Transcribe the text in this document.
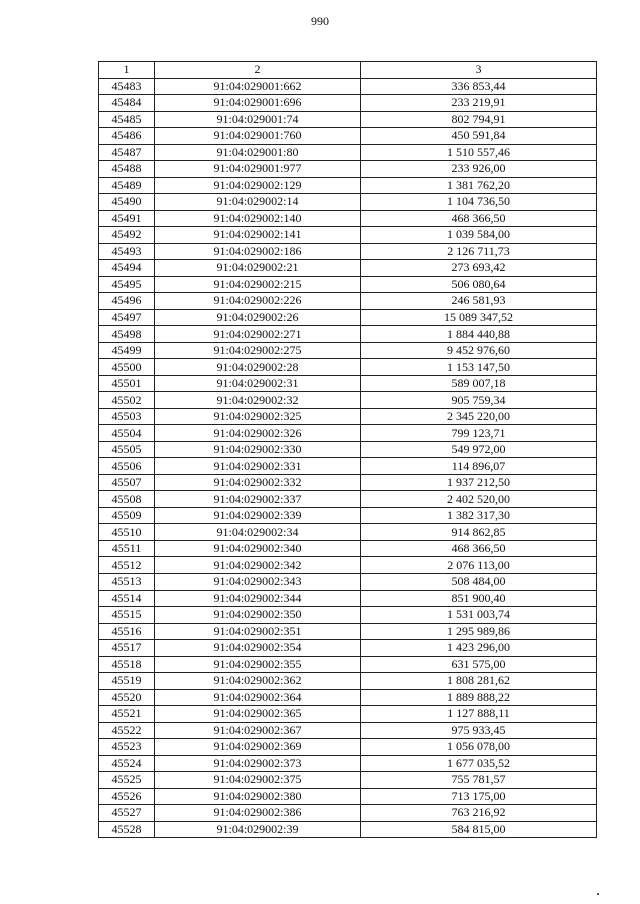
990
1	2	3
45483	91:04:029001:662	336 853,44
45484	91:04:029001:696	233 219,91
45485	91:04:029001:74	802 794,91
45486	91:04:029001:760	450 591,84
45487	91:04:029001:80	1 510 557,46
45488	91:04:029001:977	233 926,00
45489	91:04:029002:129	1 381 762,20
45490	91:04:029002:14	1 104 736,50
45491	91:04:029002:140	468 366,50
45492	91:04:029002:141	1 039 584,00
45493	91:04:029002:186	2 126 711,73
45494	91:04:029002:21	273 693,42
45495	91:04:029002:215	506 080,64
45496	91:04:029002:226	246 581,93
45497	91:04:029002:26	15 089 347,52
45498	91:04:029002:271	1 884 440,88
45499	91:04:029002:275	9 452 976,60
45500	91:04:029002:28	1 153 147,50
45501	91:04:029002:31	589 007,18
45502	91:04:029002:32	905 759,34
45503	91:04:029002:325	2 345 220,00
45504	91:04:029002:326	799 123,71
45505	91:04:029002:330	549 972,00
45506	91:04:029002:331	114 896,07
45507	91:04:029002:332	1 937 212,50
45508	91:04:029002:337	2 402 520,00
45509	91:04:029002:339	1 382 317,30
45510	91:04:029002:34	914 862,85
45511	91:04:029002:340	468 366,50
45512	91:04:029002:342	2 076 113,00
45513	91:04:029002:343	508 484,00
45514	91:04:029002:344	851 900,40
45515	91:04:029002:350	1 531 003,74
45516	91:04:029002:351	1 295 989,86
45517	91:04:029002:354	1 423 296,00
45518	91:04:029002:355	631 575,00
45519	91:04:029002:362	1 808 281,62
45520	91:04:029002:364	1 889 888,22
45521	91:04:029002:365	1 127 888,11
45522	91:04:029002:367	975 933,45
45523	91:04:029002:369	1 056 078,00
45524	91:04:029002:373	1 677 035,52
45525	91:04:029002:375	755 781,57
45526	91:04:029002:380	713 175,00
45527	91:04:029002:386	763 216,92
45528	91:04:029002:39	584 815,00
